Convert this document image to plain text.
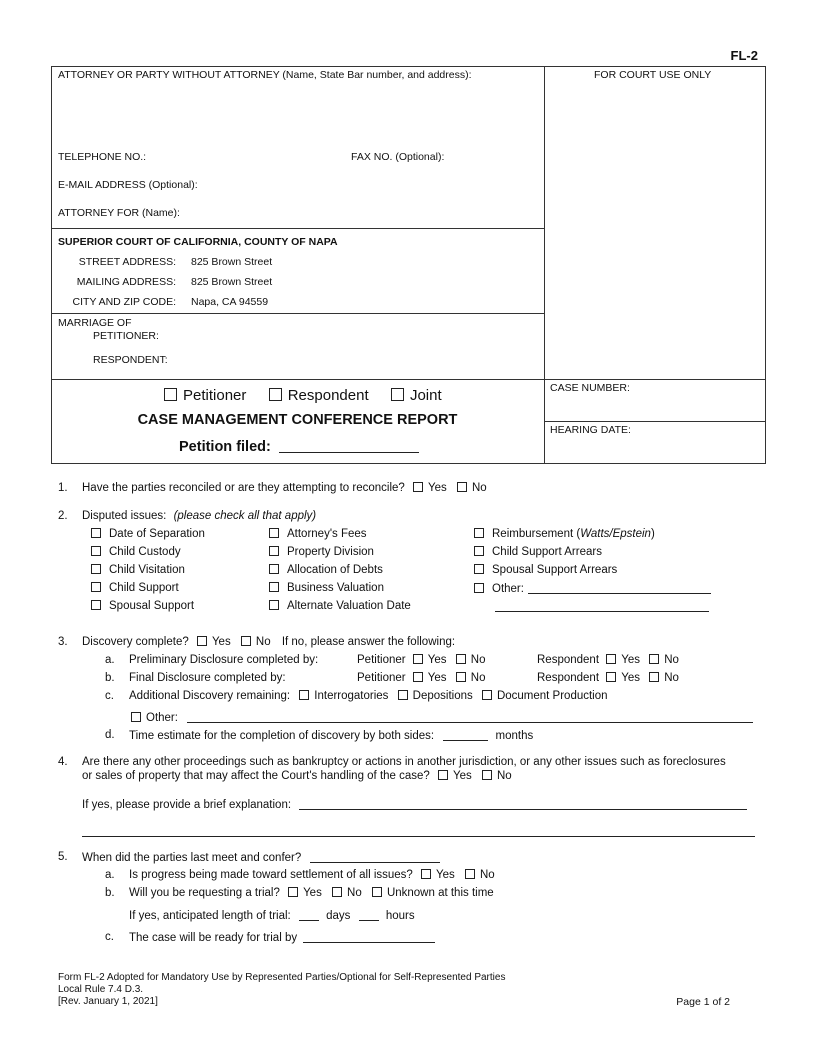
FL-2
ATTORNEY OR PARTY WITHOUT ATTORNEY (Name, State Bar number, and address):	FOR COURT USE ONLY
TELEPHONE NO.:	FAX NO. (Optional):
E-MAIL ADDRESS (Optional):
ATTORNEY FOR (Name):
SUPERIOR COURT OF CALIFORNIA, COUNTY OF NAPA
STREET ADDRESS: 825 Brown Street
MAILING ADDRESS: 825 Brown Street
CITY AND ZIP CODE: Napa, CA 94559
MARRIAGE OF
PETITIONER:
RESPONDENT:
Petitioner	Respondent	Joint
CASE MANAGEMENT CONFERENCE REPORT
Petition filed:
CASE NUMBER:
HEARING DATE:
1. Have the parties reconciled or are they attempting to reconcile? Yes No
2. Disputed issues: (please check all that apply)
Date of Separation
Child Custody
Child Visitation
Child Support
Spousal Support
Attorney's Fees
Property Division
Allocation of Debts
Business Valuation
Alternate Valuation Date
Reimbursement (Watts/Epstein)
Child Support Arrears
Spousal Support Arrears
Other:
3. Discovery complete? Yes No If no, please answer the following:
a. Preliminary Disclosure completed by:	Petitioner Yes No	Respondent Yes No
b. Final Disclosure completed by:	Petitioner Yes No	Respondent Yes No
c. Additional Discovery remaining: Interrogatories Depositions Document Production
Other:
d. Time estimate for the completion of discovery by both sides:	months
4. Are there any other proceedings such as bankruptcy or actions in another jurisdiction, or any other issues such as foreclosures
or sales of property that may affect the Court's handling of the case? Yes No
If yes, please provide a brief explanation:
5. When did the parties last meet and confer?
a. Is progress being made toward settlement of all issues? Yes No
b. Will you be requesting a trial? Yes No Unknown at this time
If yes, anticipated length of trial:	days	hours
c. The case will be ready for trial by
Form FL-2 Adopted for Mandatory Use by Represented Parties/Optional for Self-Represented Parties
Local Rule 7.4 D.3.
[Rev. January 1, 2021]	Page 1 of 2
